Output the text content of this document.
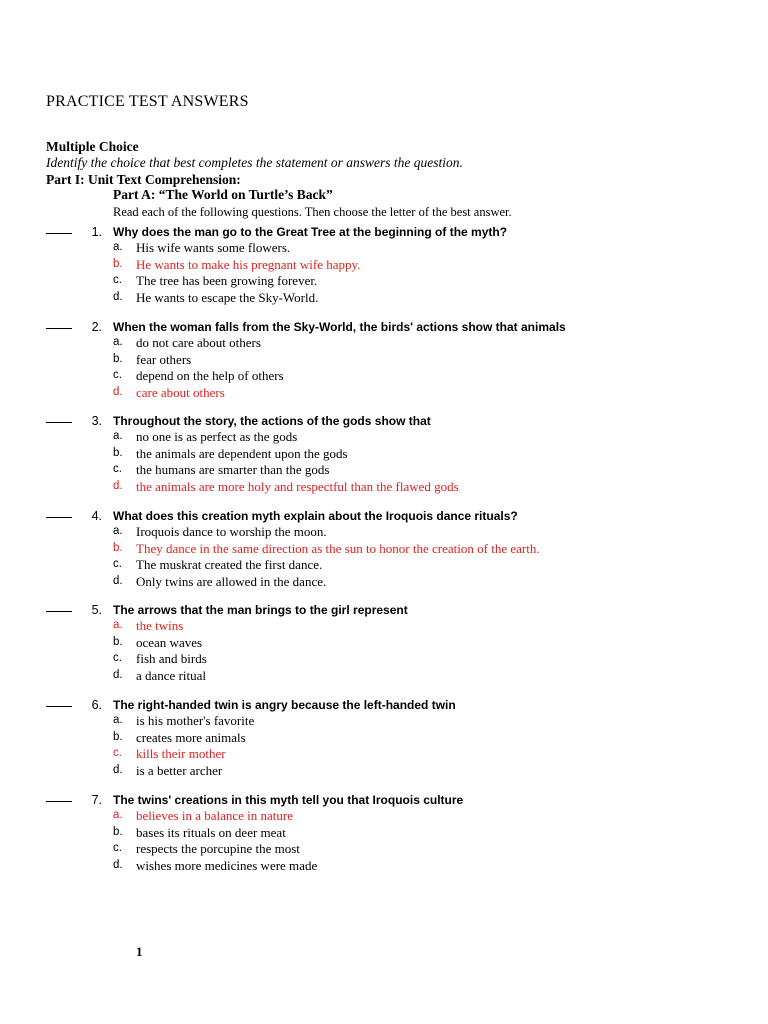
PRACTICE TEST ANSWERS
Multiple Choice
Identify the choice that best completes the statement or answers the question.
Part I: Unit Text Comprehension:
Part A: “The World on Turtle’s Back”
Read each of the following questions. Then choose the letter of the best answer.
1. Why does the man go to the Great Tree at the beginning of the myth?
a. His wife wants some flowers.
b. He wants to make his pregnant wife happy.
c. The tree has been growing forever.
d. He wants to escape the Sky-World.
2. When the woman falls from the Sky-World, the birds' actions show that animals
a. do not care about others
b. fear others
c. depend on the help of others
d. care about others
3. Throughout the story, the actions of the gods show that
a. no one is as perfect as the gods
b. the animals are dependent upon the gods
c. the humans are smarter than the gods
d. the animals are more holy and respectful than the flawed gods
4. What does this creation myth explain about the Iroquois dance rituals?
a. Iroquois dance to worship the moon.
b. They dance in the same direction as the sun to honor the creation of the earth.
c. The muskrat created the first dance.
d. Only twins are allowed in the dance.
5. The arrows that the man brings to the girl represent
a. the twins
b. ocean waves
c. fish and birds
d. a dance ritual
6. The right-handed twin is angry because the left-handed twin
a. is his mother's favorite
b. creates more animals
c. kills their mother
d. is a better archer
7. The twins' creations in this myth tell you that Iroquois culture
a. believes in a balance in nature
b. bases its rituals on deer meat
c. respects the porcupine the most
d. wishes more medicines were made
1
